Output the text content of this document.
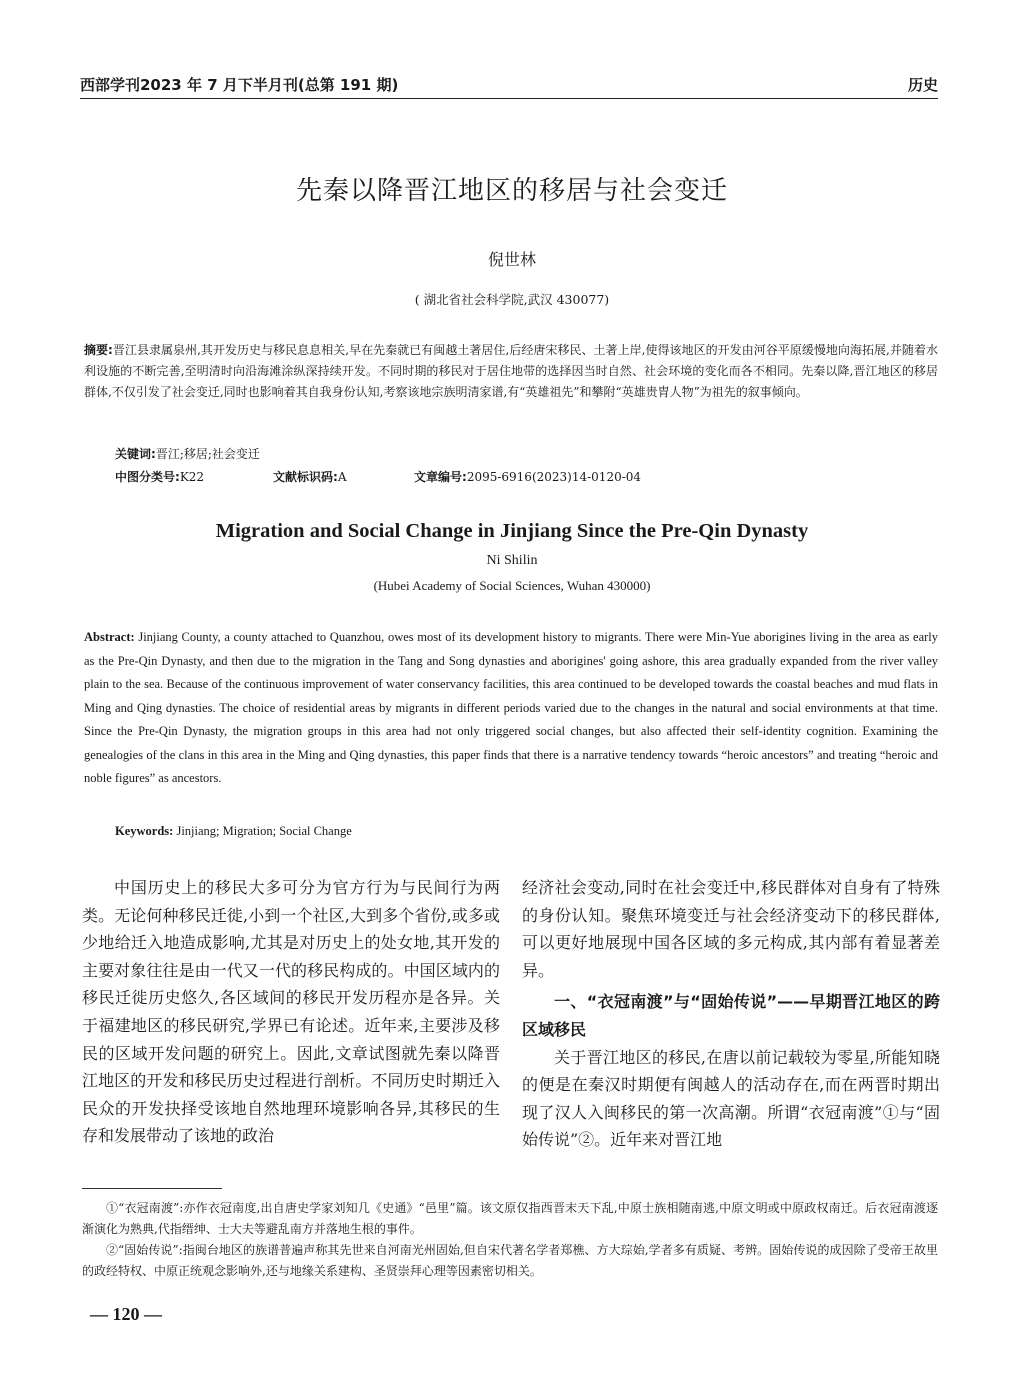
西部学刊2023 年 7 月下半月刊(总第 191 期)	历史
先秦以降晋江地区的移居与社会变迁
倪世林
( 湖北省社会科学院,武汉 430077)
摘要:晋江县隶属泉州,其开发历史与移民息息相关,早在先秦就已有闽越土著居住,后经唐宋移民、土著上岸,使得该地区的开发由河谷平原缓慢地向海拓展,并随着水利设施的不断完善,至明清时向沿海滩涂纵深持续开发。不同时期的移民对于居住地带的选择因当时自然、社会环境的变化而各不相同。先秦以降,晋江地区的移居群体,不仅引发了社会变迁,同时也影响着其自我身份认知,考察该地宗族明清家谱,有“英雄祖先”和攀附“英雄贵胄人物”为祖先的叙事倾向。
关键词:晋江;移居;社会变迁
中图分类号:K22	文献标识码:A	文章编号:2095-6916(2023)14-0120-04
Migration and Social Change in Jinjiang Since the Pre-Qin Dynasty
Ni Shilin
(Hubei Academy of Social Sciences, Wuhan 430000)
Abstract: Jinjiang County, a county attached to Quanzhou, owes most of its development history to migrants. There were Min-Yue aborigines living in the area as early as the Pre-Qin Dynasty, and then due to the migration in the Tang and Song dynasties and aborigines' going ashore, this area gradually expanded from the river valley plain to the sea. Because of the continuous improvement of water conservancy facilities, this area continued to be developed towards the coastal beaches and mud flats in Ming and Qing dynasties. The choice of residential areas by migrants in different periods varied due to the changes in the natural and social environments at that time. Since the Pre-Qin Dynasty, the migration groups in this area had not only triggered social changes, but also affected their self-identity cognition. Examining the genealogies of the clans in this area in the Ming and Qing dynasties, this paper finds that there is a narrative tendency towards “heroic ancestors” and treating “heroic and noble figures” as ancestors.
Keywords: Jinjiang; Migration; Social Change

中国历史上的移民大多可分为官方行为与民间行为两类。无论何种移民迁徙,小到一个社区,大到多个省份,或多或少地给迁入地造成影响,尤其是对历史上的处女地,其开发的主要对象往往是由一代又一代的移民构成的。中国区域内的移民迁徙历史悠久,各区域间的移民开发历程亦是各异。关于福建地区的移民研究,学界已有论述。近年来,主要涉及移民的区域开发问题的研究上。因此,文章试图就先秦以降晋江地区的开发和移民历史过程进行剖析。不同历史时期迁入民众的开发抉择受该地自然地理环境影响各异,其移民的生存和发展带动了该地的政治

经济社会变动,同时在社会变迁中,移民群体对自身有了特殊的身份认知。聚焦环境变迁与社会经济变动下的移民群体,可以更好地展现中国各区域的多元构成,其内部有着显著差异。

一、“衣冠南渡”与“固始传说”——早期晋江地区的跨区域移民

关于晋江地区的移民,在唐以前记载较为零星,所能知晓的便是在秦汉时期便有闽越人的活动存在,而在两晋时期出现了汉人入闽移民的第一次高潮。所谓“衣冠南渡”①与“固始传说”②。近年来对晋江地

①“衣冠南渡”:亦作衣冠南度,出自唐史学家刘知几《史通》“邑里”篇。该文原仅指西晋末天下乱,中原士族相随南逃,中原文明或中原政权南迁。后衣冠南渡逐渐演化为熟典,代指缙绅、士大夫等避乱南方并落地生根的事件。

②“固始传说”:指闽台地区的族谱普遍声称其先世来自河南光州固始,但自宋代著名学者郑樵、方大琮始,学者多有质疑、考辨。固始传说的成因除了受帝王故里的政经特权、中原正统观念影响外,还与地缘关系建构、圣贤崇拜心理等因素密切相关。

— 120 —
